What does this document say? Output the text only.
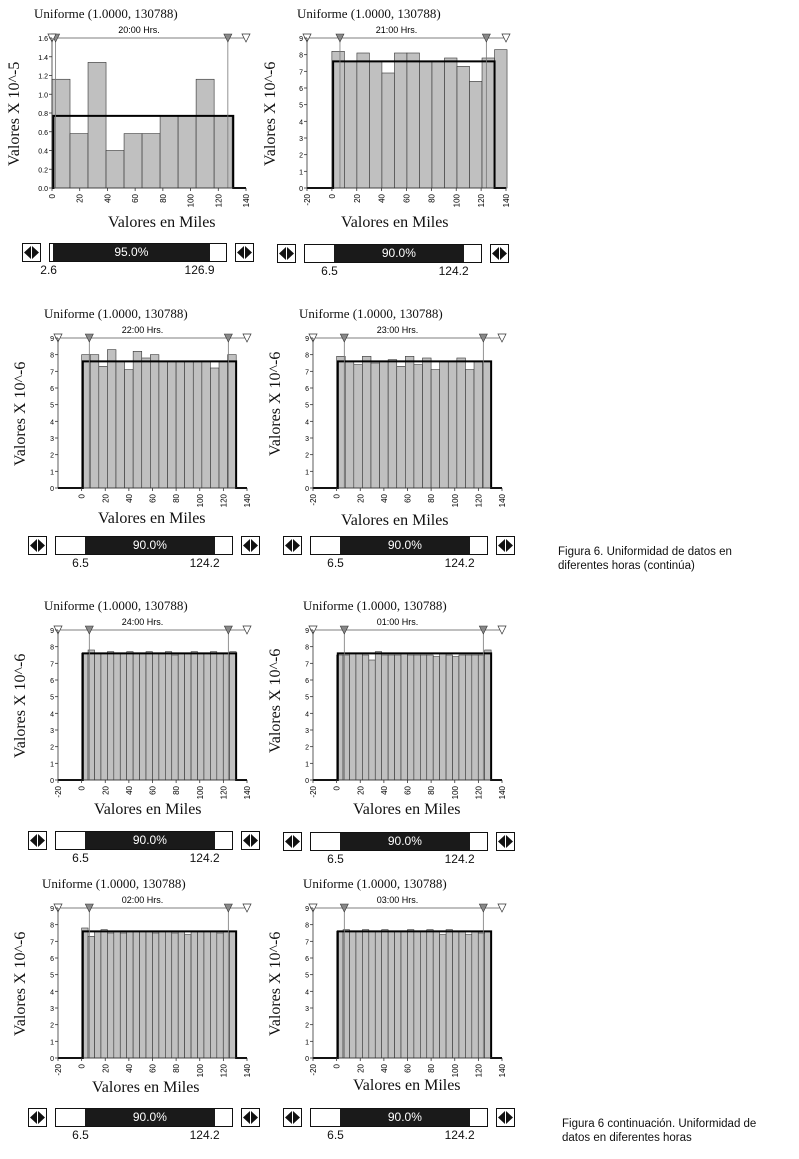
Uniforme (1.0000, 130788)
20:00 Hrs.
0.0
0.2
0.4
0.6
0.8
1.0
1.2
1.4
1.6
0 20 40 60 80 100 120 140
Valores X 10^-5
Valores en Miles
95.0%
2.6	126.9
Uniforme (1.0000, 130788)
21:00 Hrs.
0
1
2
3
4
5
6
7
8
9
-20 0 20 40 60 80 100 120 140
Valores X 10^-6
Valores en Miles
90.0%
6.5	124.2
Uniforme (1.0000, 130788)
22:00 Hrs.
0
1
2
3
4
5
6
7
8
9
0 20 40 60 80 100 120 140
Valores X 10^-6
Valores en Miles
90.0%
6.5	124.2
Uniforme (1.0000, 130788)
23:00 Hrs.
0
1
2
3
4
5
6
7
8
9
-20 0 20 40 60 80 100 120 140
Valores X 10^-6
Valores en Miles
90.0%
6.5	124.2
Uniforme (1.0000, 130788)
24:00 Hrs.
0
1
2
3
4
5
6
7
8
9
-20 0 20 40 60 80 100 120 140
Valores X 10^-6
Valores en Miles
90.0%
6.5	124.2
Uniforme (1.0000, 130788)
01:00 Hrs.
0
1
2
3
4
5
6
7
8
9
-20 0 20 40 60 80 100 120 140
Valores X 10^-6
Valores en Miles
90.0%
6.5	124.2
Uniforme (1.0000, 130788)
02:00 Hrs.
0
1
2
3
4
5
6
7
8
9
-20 0 20 40 60 80 100 120 140
Valores X 10^-6
Valores en Miles
90.0%
6.5	124.2
Uniforme (1.0000, 130788)
03:00 Hrs.
0
1
2
3
4
5
6
7
8
9
-20 0 20 40 60 80 100 120 140
Valores X 10^-6
Valores en Miles
90.0%
6.5	124.2
Figura 6. Uniformidad de datos en
diferentes horas (continúa)
Figura 6 continuación. Uniformidad de
datos en diferentes horas
